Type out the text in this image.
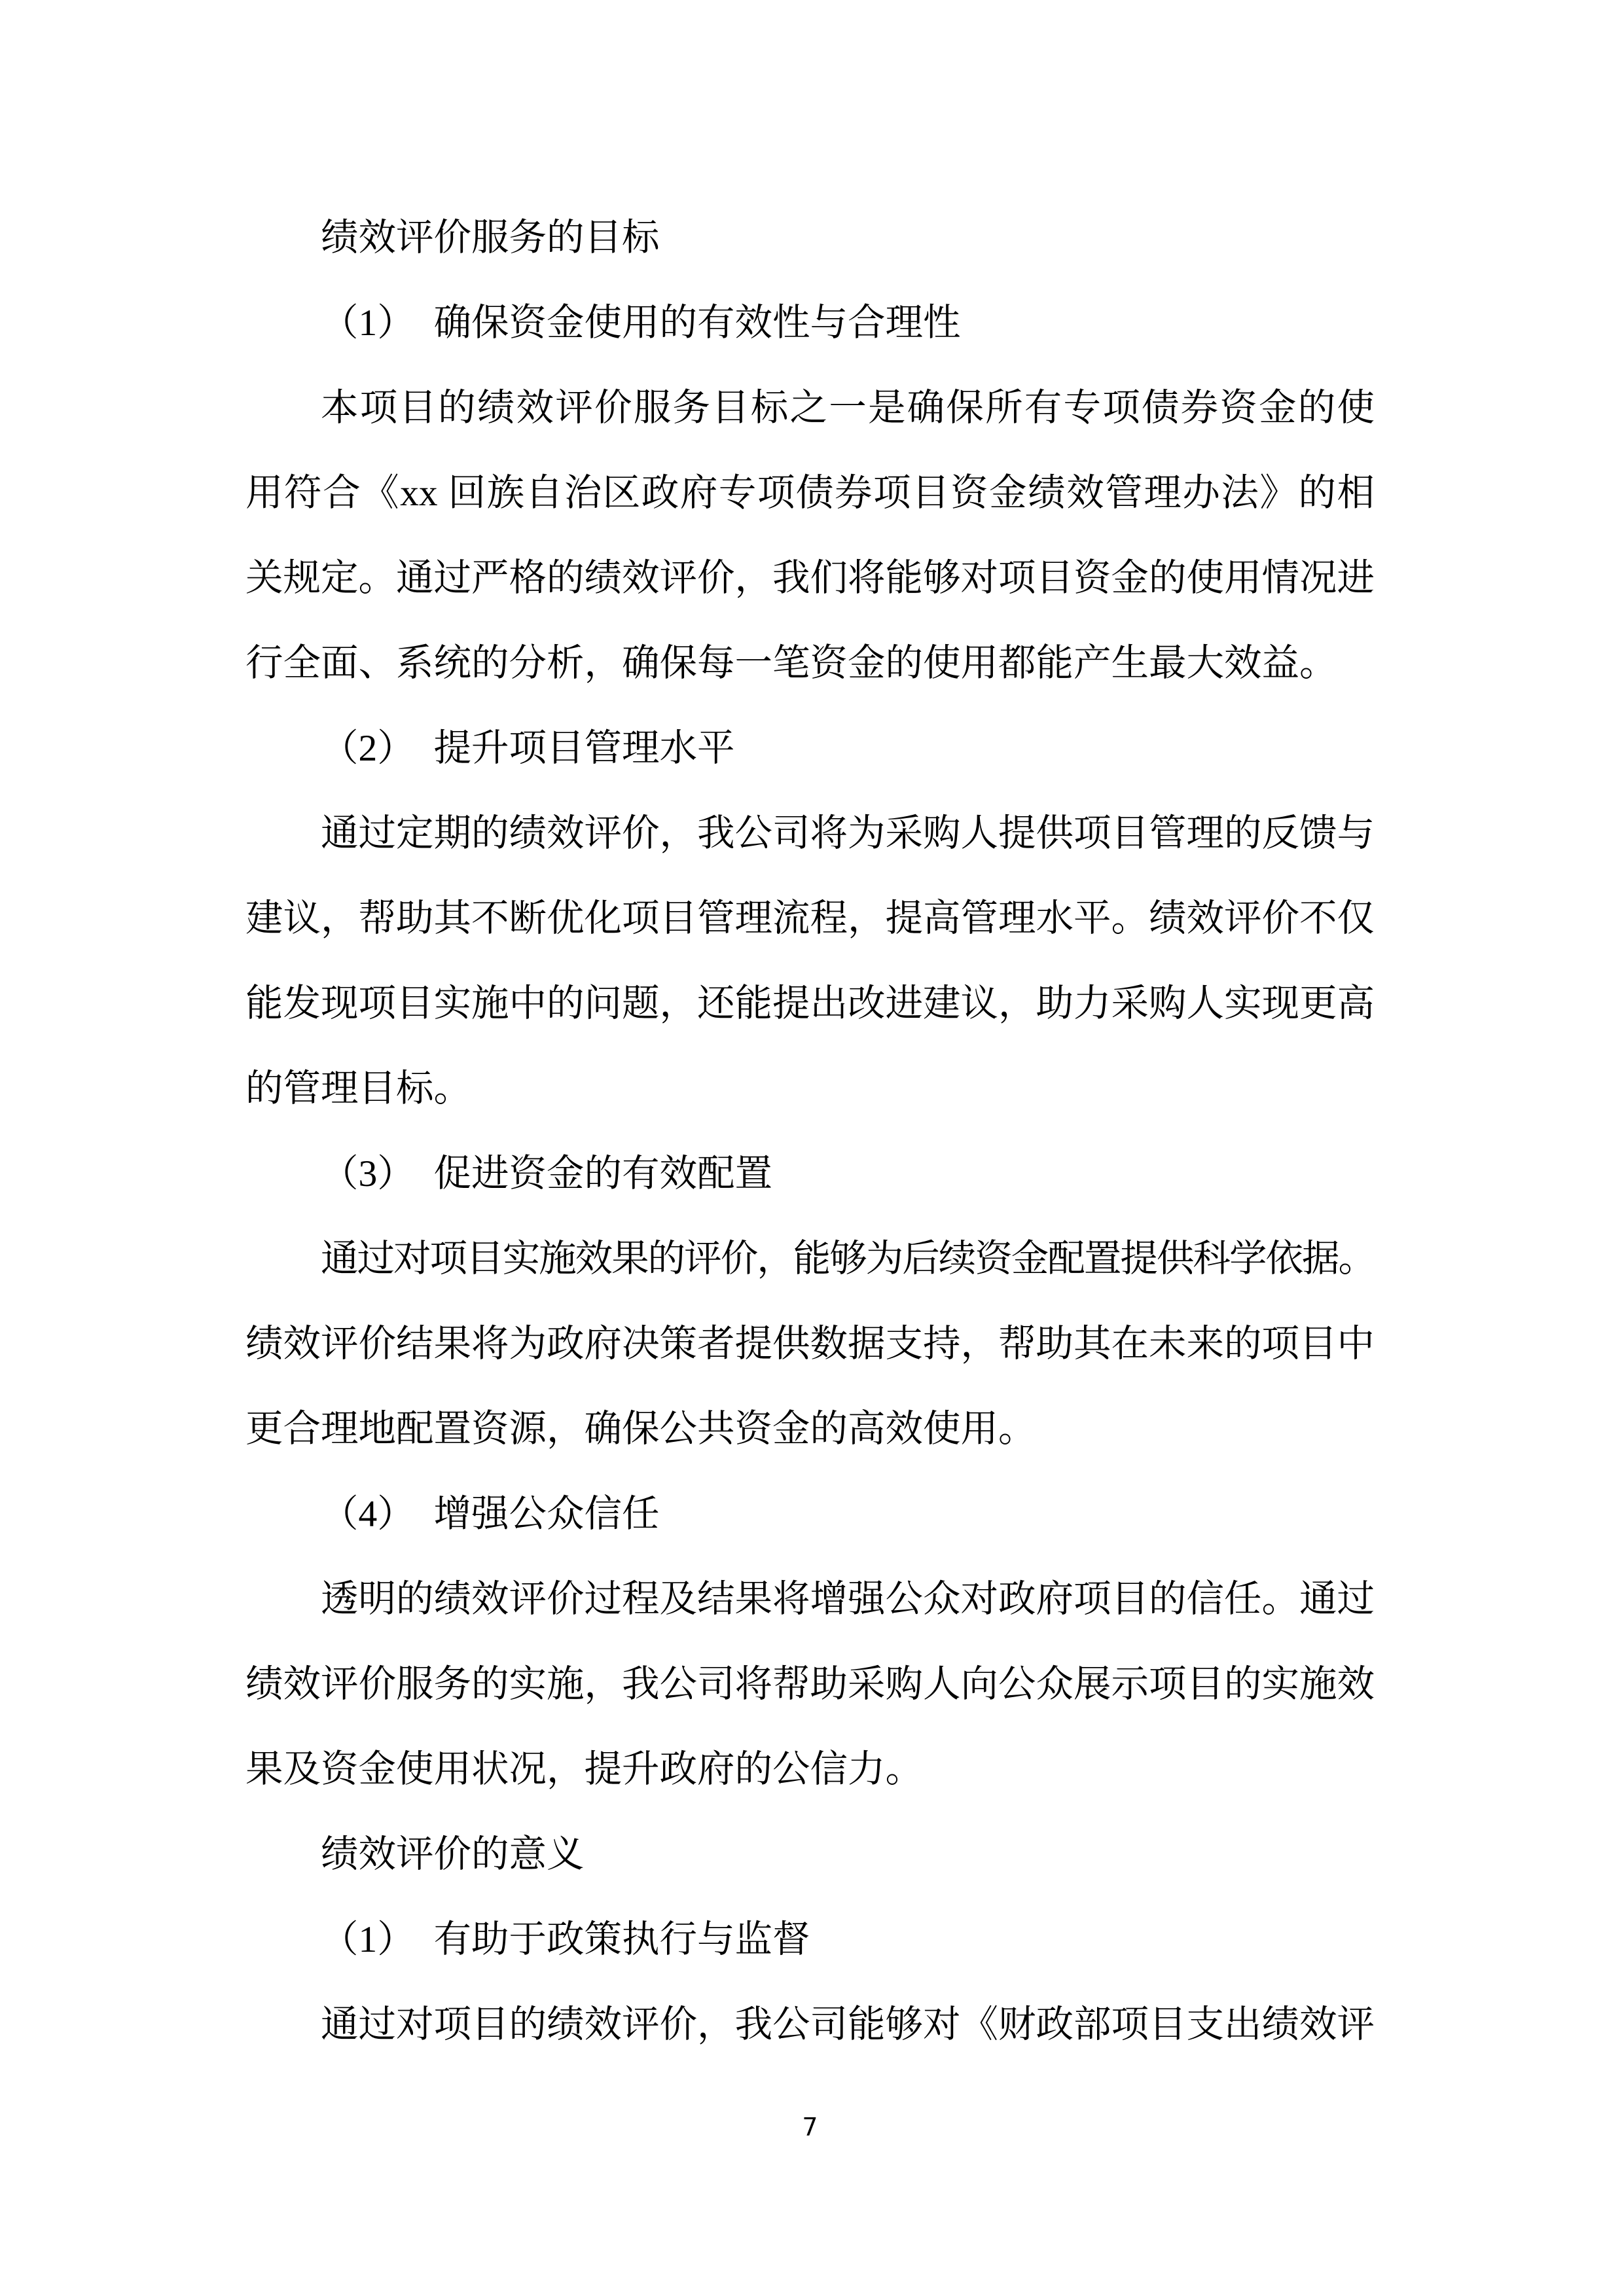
绩效评价服务的目标
（1）　确保资金使用的有效性与合理性
本项目的绩效评价服务目标之一是确保所有专项债券资金的使
用符合《xx 回族自治区政府专项债券项目资金绩效管理办法》的相
关规定。通过严格的绩效评价，我们将能够对项目资金的使用情况进
行全面、系统的分析，确保每一笔资金的使用都能产生最大效益。
（2）　提升项目管理水平
通过定期的绩效评价，我公司将为采购人提供项目管理的反馈与
建议，帮助其不断优化项目管理流程，提高管理水平。绩效评价不仅
能发现项目实施中的问题，还能提出改进建议，助力采购人实现更高
的管理目标。
（3）　促进资金的有效配置
通过对项目实施效果的评价，能够为后续资金配置提供科学依据。
绩效评价结果将为政府决策者提供数据支持，帮助其在未来的项目中
更合理地配置资源，确保公共资金的高效使用。
（4）　增强公众信任
透明的绩效评价过程及结果将增强公众对政府项目的信任。通过
绩效评价服务的实施，我公司将帮助采购人向公众展示项目的实施效
果及资金使用状况，提升政府的公信力。
绩效评价的意义
（1）　有助于政策执行与监督
通过对项目的绩效评价，我公司能够对《财政部项目支出绩效评
7
